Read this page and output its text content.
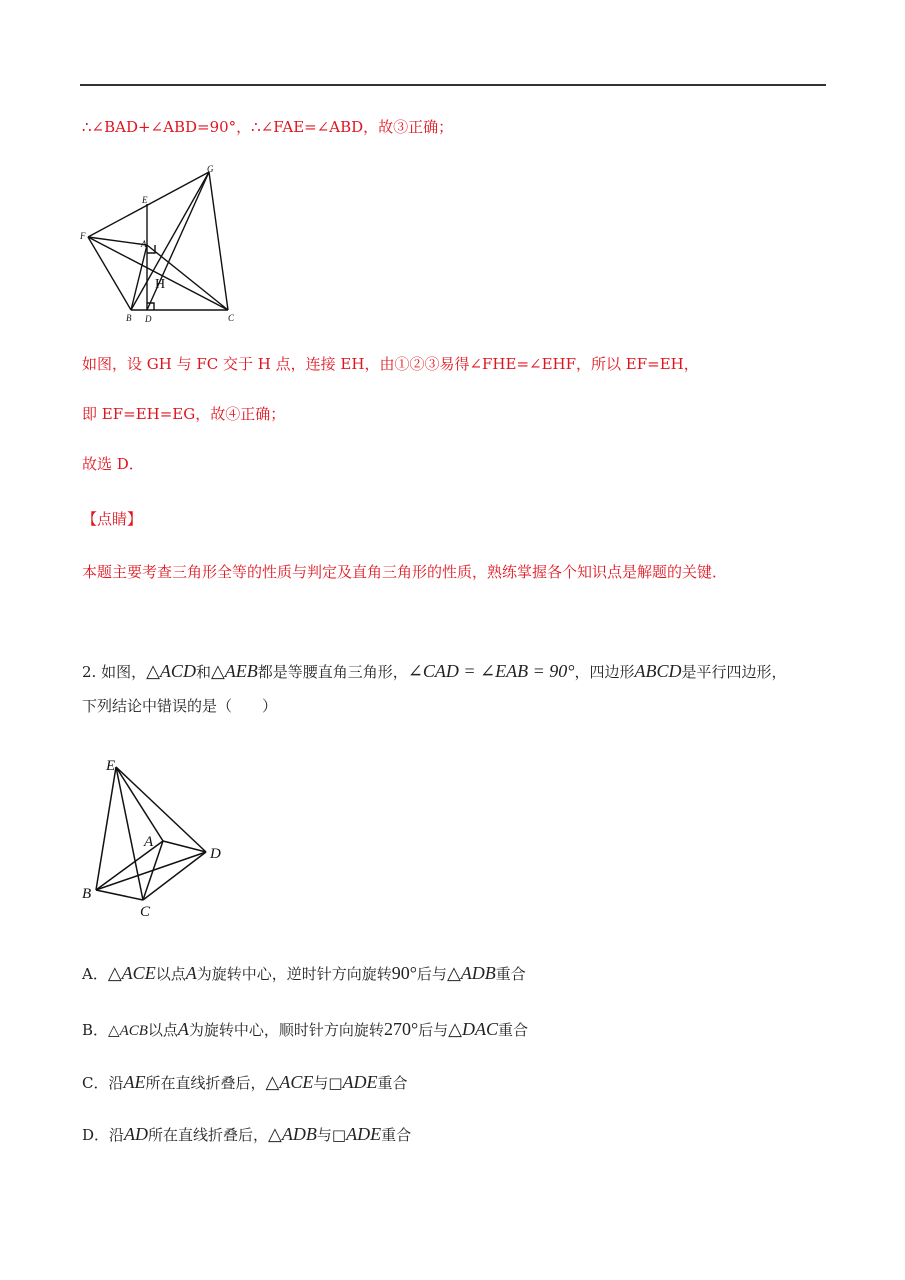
∴∠BAD+∠ABD=90°，∴∠FAE=∠ABD，故③正确；
E
G
F
A
B D	C
H
如图，设 GH 与 FC 交于 H 点，连接 EH，由①②③易得∠FHE=∠EHF，所以 EF=EH，
即 EF=EH=EG，故④正确；
故选 D．
【点睛】
本题主要考查三角形全等的性质与判定及直角三角形的性质，熟练掌握各个知识点是解题的关键．
2. 如图，△ACD和△AEB都是等腰直角三角形，∠CAD = ∠EAB = 90°，四边形ABCD是平行四边形，
下列结论中错误的是（　　）
E
A
D
B
C
A．△ACE以点A为旋转中心，逆时针方向旋转90°后与△ADB重合
B．△ACB以点A为旋转中心，顺时针方向旋转270°后与△DAC重合
C．沿AE所在直线折叠后，△ACE与□ADE重合
D．沿AD所在直线折叠后，△ADB与□ADE重合
